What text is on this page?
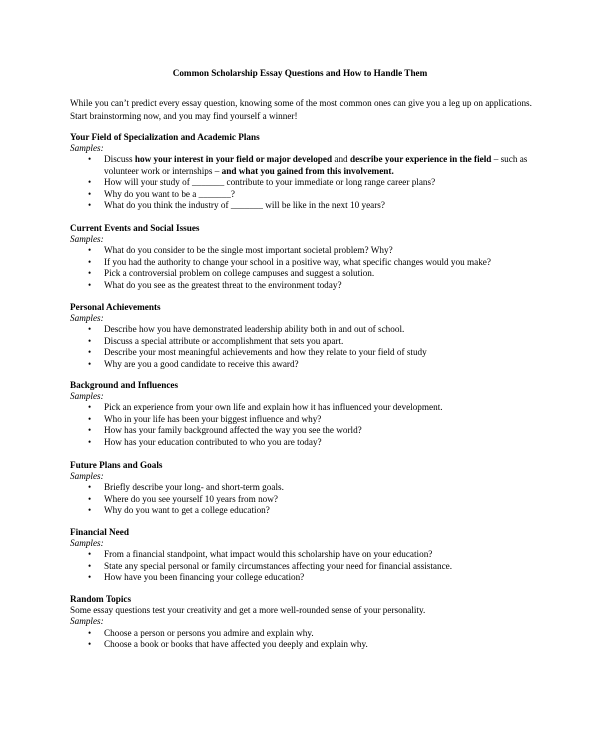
Common Scholarship Essay Questions and How to Handle Them

While you can’t predict every essay question, knowing some of the most common ones can give you a leg up on applications. Start brainstorming now, and you may find yourself a winner!

Your Field of Specialization and Academic Plans
Samples:
• Discuss how your interest in your field or major developed and describe your experience in the field – such as volunteer work or internships – and what you gained from this involvement.
• How will your study of _______ contribute to your immediate or long range career plans?
• Why do you want to be a _______?
• What do you think the industry of _______ will be like in the next 10 years?
Current Events and Social Issues
Samples:
• What do you consider to be the single most important societal problem? Why?
• If you had the authority to change your school in a positive way, what specific changes would you make?
• Pick a controversial problem on college campuses and suggest a solution.
• What do you see as the greatest threat to the environment today?
Personal Achievements
Samples:
• Describe how you have demonstrated leadership ability both in and out of school.
• Discuss a special attribute or accomplishment that sets you apart.
• Describe your most meaningful achievements and how they relate to your field of study
• Why are you a good candidate to receive this award?
Background and Influences
Samples:
• Pick an experience from your own life and explain how it has influenced your development.
• Who in your life has been your biggest influence and why?
• How has your family background affected the way you see the world?
• How has your education contributed to who you are today?
Future Plans and Goals
Samples:
• Briefly describe your long- and short-term goals.
• Where do you see yourself 10 years from now?
• Why do you want to get a college education?
Financial Need
Samples:
• From a financial standpoint, what impact would this scholarship have on your education?
• State any special personal or family circumstances affecting your need for financial assistance.
• How have you been financing your college education?
Random Topics
Some essay questions test your creativity and get a more well-rounded sense of your personality.
Samples:
• Choose a person or persons you admire and explain why.
• Choose a book or books that have affected you deeply and explain why.
